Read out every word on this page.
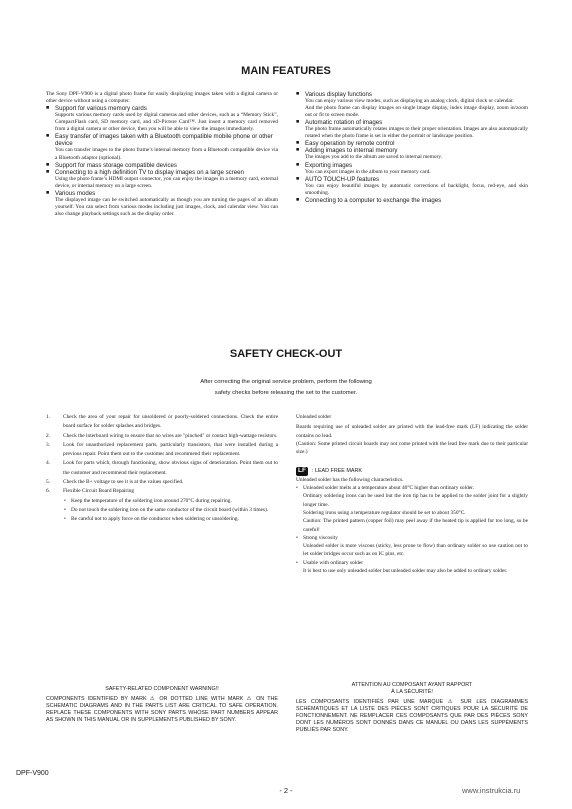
MAIN FEATURES
The Sony DPF-V900 is a digital photo frame for easily displaying images taken with a digital camera or other device without using a computer.
■ Support for various memory cards
Supports various memory cards used by digital cameras and other devices, such as a “Memory Stick”, CompactFlash card, SD memory card, and xD-Picture Card™. Just insert a memory card removed from a digital camera or other device, then you will be able to view the images immediately.
■ Easy transfer of images taken with a Bluetooth compatible mobile phone or other device
You can transfer images to the photo frame’s internal memory from a Bluetooth compatible device via a Bluetooth adaptor (optional).
■ Support for mass storage compatible devices
■ Connecting to a high definition TV to display images on a large screen
Using the photo frame’s HDMI output connector, you can enjoy the images in a memory card, external device, or internal memory on a large screen.
■ Various modes
The displayed image can be switched automatically as though you are turning the pages of an album yourself. You can select from various modes including just images, clock, and calendar view. You can also change playback settings such as the display order.
■ Various display functions
You can enjoy various view modes, such as displaying an analog clock, digital clock or calendar.
And the photo frame can display images on single image display, index image display, zoom in/zoom out or fit to screen mode.
■ Automatic rotation of images
The photo frame automatically rotates images to their proper orientation. Images are also automatically rotated when the photo frame is set in either the portrait or landscape position.
■ Easy operation by remote control
■ Adding images to internal memory
The images you add to the album are saved to internal memory.
■ Exporting images
You can export images in the album to your memory card.
■ AUTO TOUCH-UP features
You can enjoy beautiful images by automatic corrections of backlight, focus, red-eye, and skin smoothing.
■ Connecting to a computer to exchange the images
SAFETY CHECK-OUT
After correcting the original service problem, perform the following
safety checks before releasing the set to the customer.
1. Check the area of your repair for unsoldered or poorly-soldered connections. Check the entire board surface for solder splashes and bridges.
2. Check the interboard wiring to ensure that no wires are "pinched" or contact high-wattage resistors.
3. Look for unauthorized replacement parts, particularly transistors, that were installed during a previous repair. Point them out to the customer and recommend their replacement.
4. Look for parts which, through functioning, show obvious signs of deterioration. Point them out to the customer and recommend their replacement.
5. Check the B+ voltage to see it is at the values specified.
6. Flexible Circuit Board Repairing
• Keep the temperature of the soldering iron around 270°C during repairing.
• Do not touch the soldering iron on the same conductor of the circuit board (within 3 times).
• Be careful not to apply force on the conductor when soldering or unsoldering.
Unleaded solder
Boards requiring use of unleaded solder are printed with the lead-free mark (LF) indicating the solder contains no lead.
(Caution: Some printed circuit boards may not come printed with the lead free mark due to their particular size.)
LF : LEAD FREE MARK
Unleaded solder has the following characteristics.
• Unleaded solder melts at a temperature about 40°C higher than ordinary solder.
Ordinary soldering irons can be used but the iron tip has to be applied to the solder joint for a slightly longer time.
Soldering irons using a temperature regulator should be set to about 350°C.
Caution: The printed pattern (copper foil) may peel away if the heated tip is applied for too long, so be careful!
• Strong viscosity
Unleaded solder is more viscous (sticky, less prone to flow) than ordinary solder so use caution not to let solder bridges occur such as on IC pins, etc.
• Usable with ordinary solder
It is best to use only unleaded solder but unleaded solder may also be added to ordinary solder.
SAFETY-RELATED COMPONENT WARNING!!
COMPONENTS IDENTIFIED BY MARK ⚠ OR DOTTED LINE WITH MARK ⚠ ON THE SCHEMATIC DIAGRAMS AND IN THE PARTS LIST ARE CRITICAL TO SAFE OPERATION. REPLACE THESE COMPONENTS WITH SONY PARTS WHOSE PART NUMBERS APPEAR AS SHOWN IN THIS MANUAL OR IN SUPPLEMENTS PUBLISHED BY SONY.
ATTENTION AU COMPOSANT AYANT RAPPORT
À LA SÉCURITÉ!
LES COMPOSANTS IDENTIFIÉS PAR UNE MARQUE ⚠ SUR LES DIAGRAMMES SCHÉMATIQUES ET LA LISTE DES PIÈCES SONT CRITIQUES POUR LA SÉCURITÉ DE FONCTIONNEMENT. NE REMPLACER CES COMPOSANTS QUE PAR DES PIÈCES SONY DONT LES NUMÉROS SONT DONNÉS DANS CE MANUEL OU DANS LES SUPPÉMENTS PUBLIÉS PAR SONY.
DPF-V900
- 2 -	www.instrukcia.ru
